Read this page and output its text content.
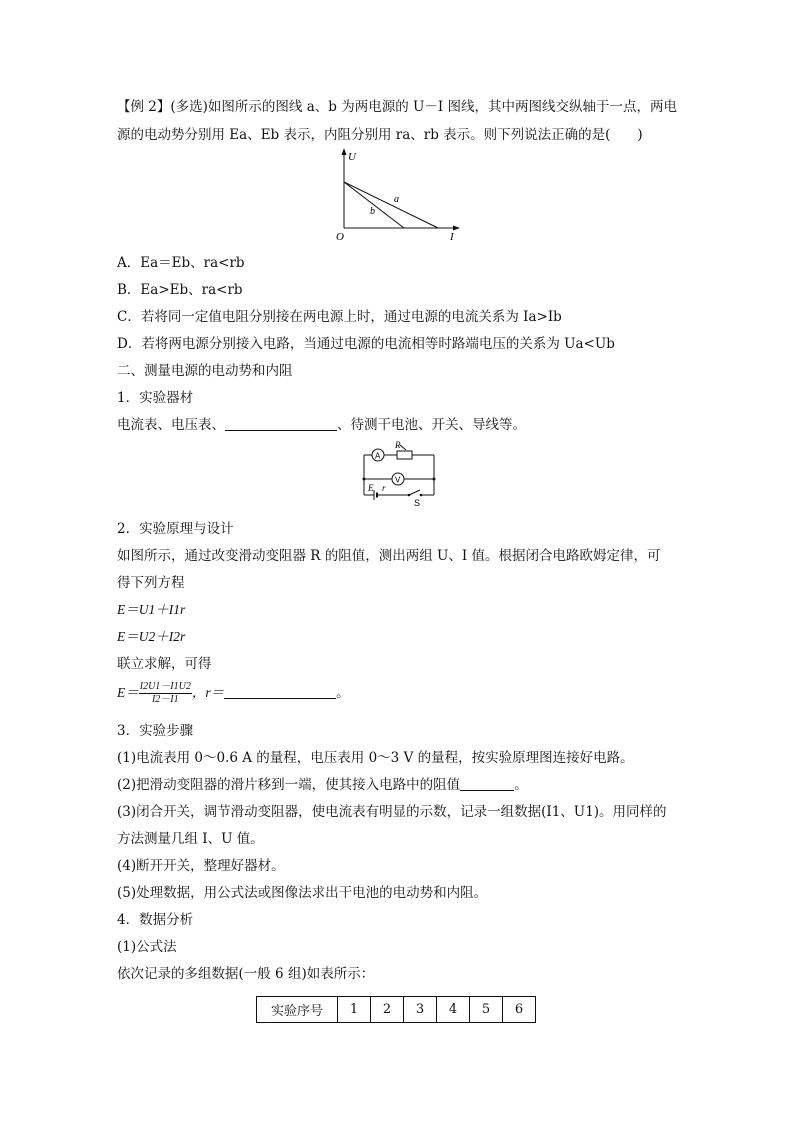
【例 2】(多选)如图所示的图线 a、b 为两电源的 U－I 图线，其中两图线交纵轴于一点，两电
源的电动势分别用 Ea、Eb 表示，内阻分别用 ra、rb 表示。则下列说法正确的是(　　)
U
I
O
a
b
A．Ea＝Eb、ra<rb
B．Ea>Eb、ra<rb
C．若将同一定值电阻分别接在两电源上时，通过电源的电流关系为 Ia>Ib
D．若将两电源分别接入电路，当通过电源的电流相等时路端电压的关系为 Ua<Ub
二、测量电源的电动势和内阻
1．实验器材
电流表、电压表、	、待测干电池、开关、导线等。
A
R
V
E r
S
2．实验原理与设计
如图所示，通过改变滑动变阻器 R 的阻值，测出两组 U、I 值。根据闭合电路欧姆定律，可
得下列方程
E＝U1＋I1r
E＝U2＋I2r
联立求解，可得
$E= \frac{I2U1-I1U2}{I2-I1}$ ，r＝	。
3．实验步骤
(1)电流表用 0～0.6 A 的量程，电压表用 0～3 V 的量程，按实验原理图连接好电路。
(2)把滑动变阻器的滑片移到一端，使其接入电路中的阻值	。
(3)闭合开关，调节滑动变阻器，使电流表有明显的示数，记录一组数据(I1、U1)。用同样的
方法测量几组 I、U 值。
(4)断开开关，整理好器材。
(5)处理数据，用公式法或图像法求出干电池的电动势和内阻。
4．数据分析
(1)公式法
依次记录的多组数据(一般 6 组)如表所示：
实验序号	1	2	3	4	5	6
